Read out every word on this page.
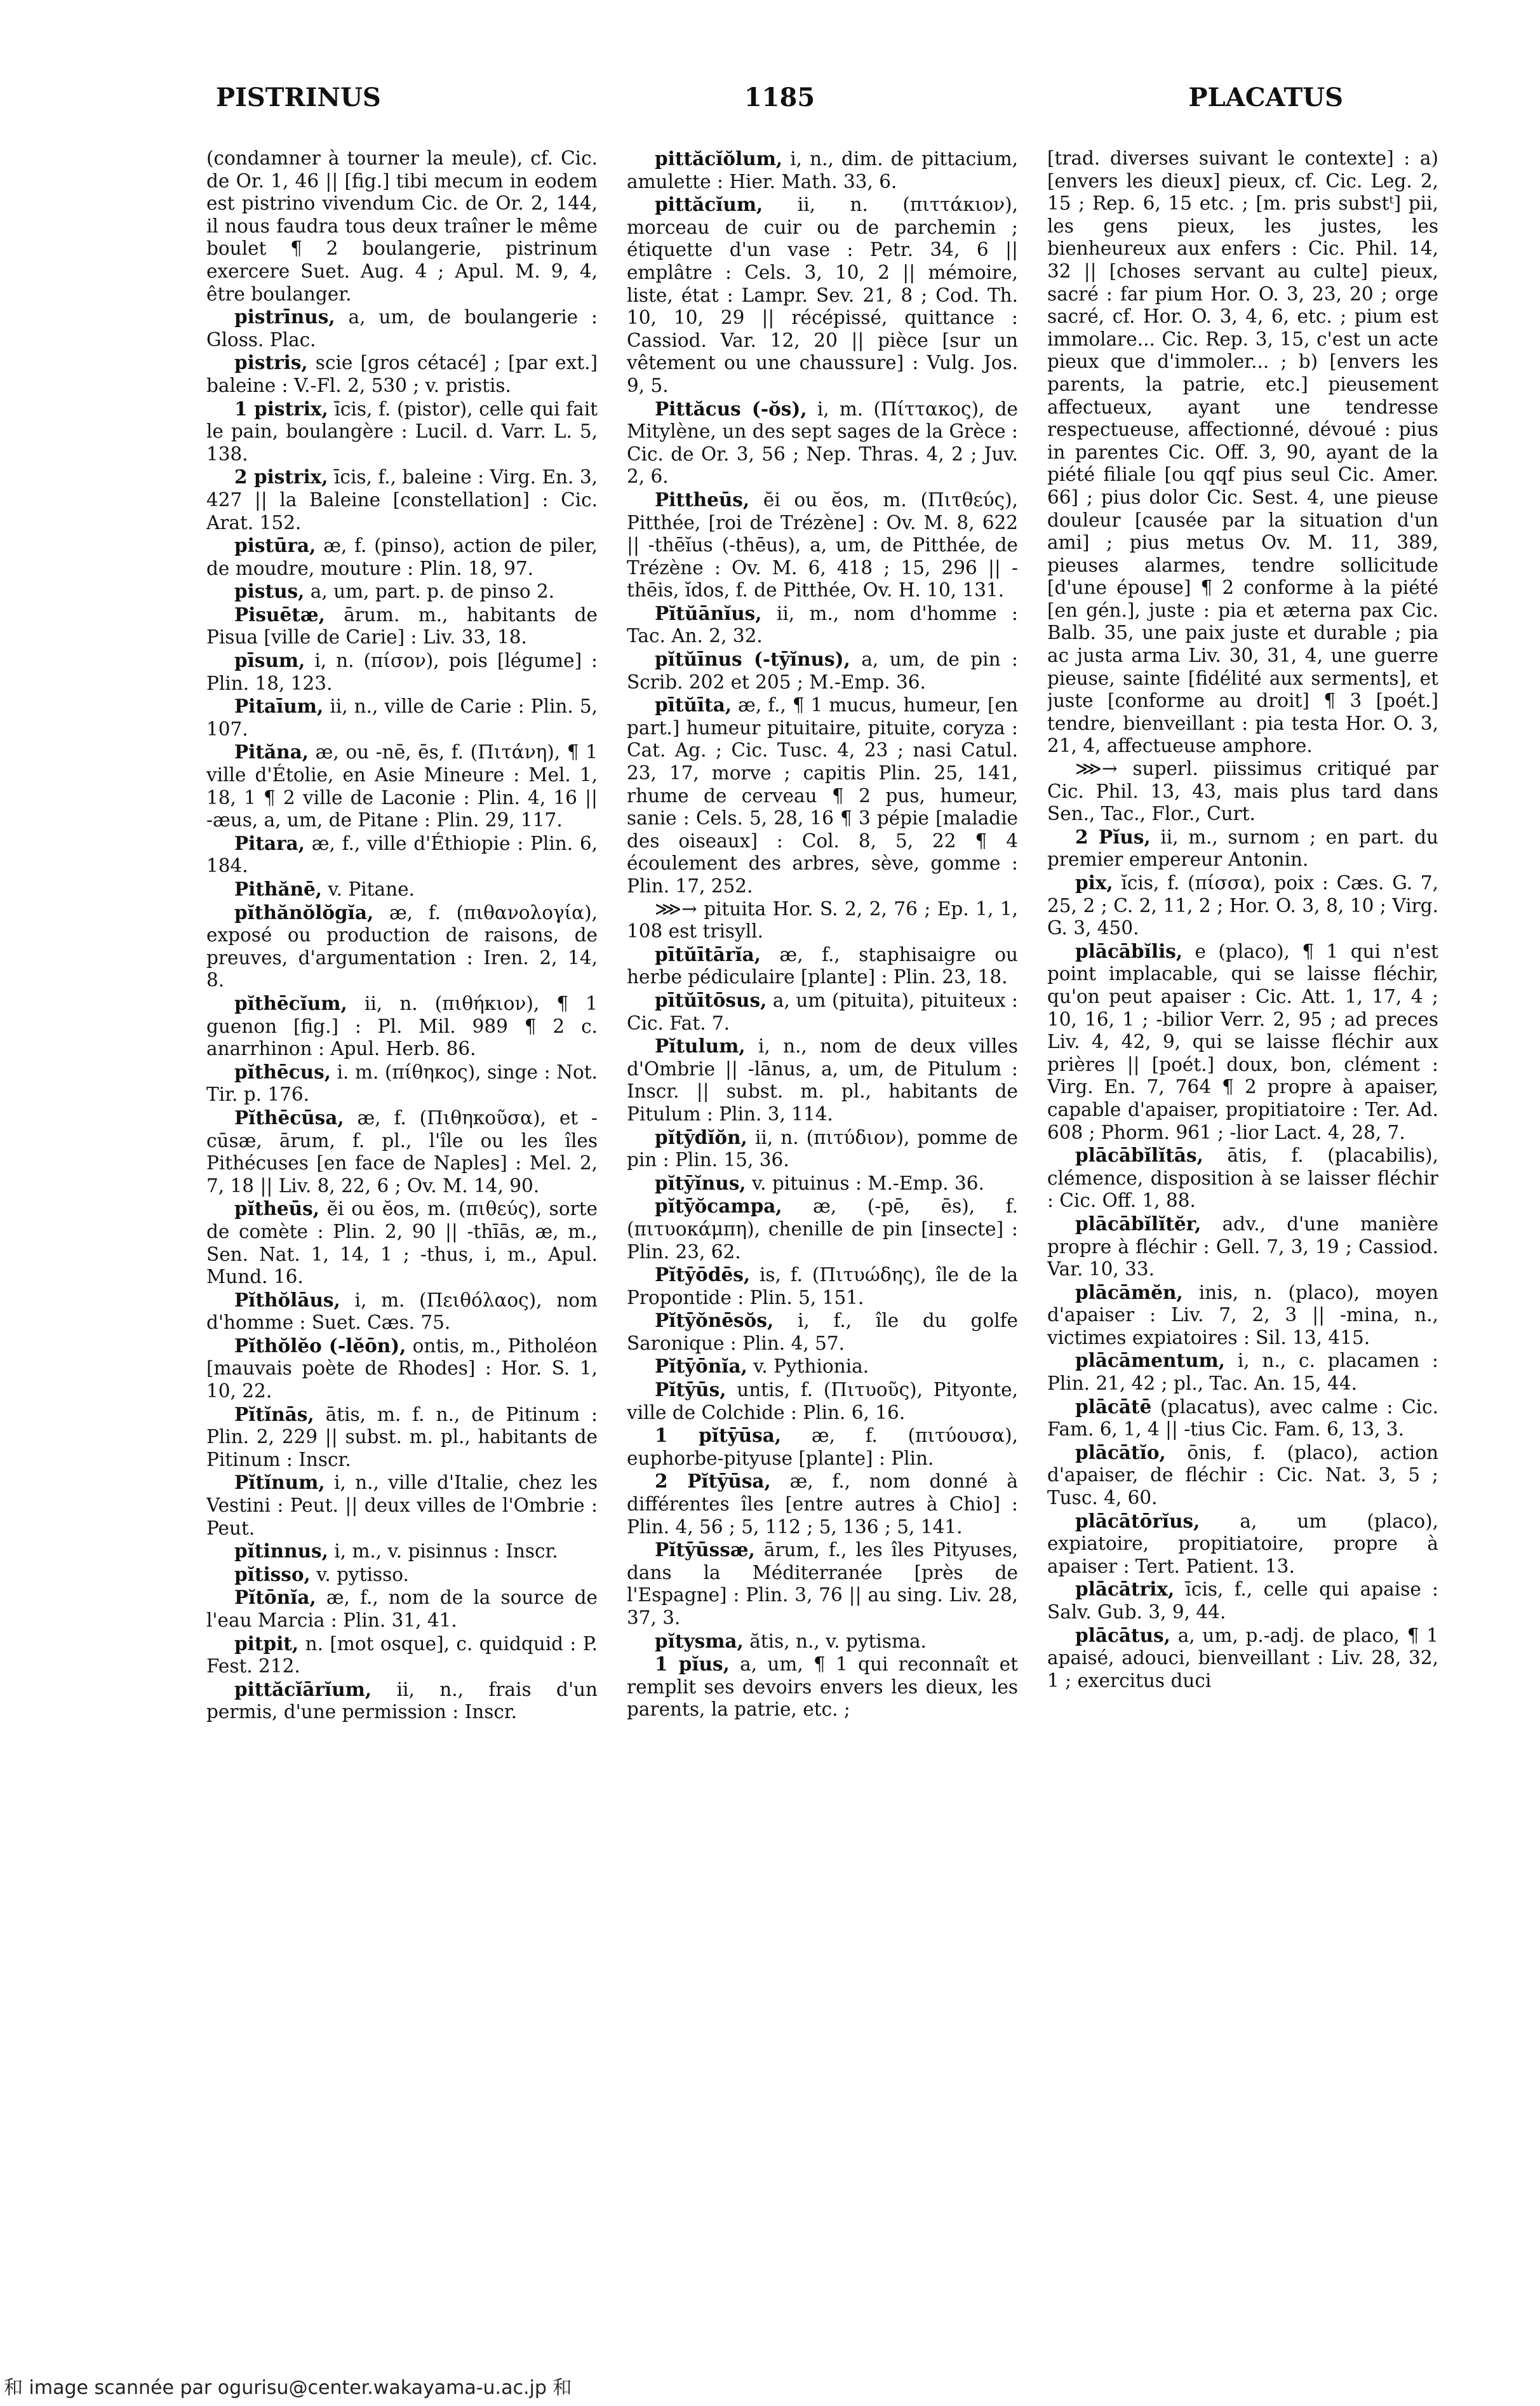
PISTRINUS	1185	PLACATUS

(condamner à tourner la meule), cf. Cic. de Or. 1, 46 || [fig.] tibi mecum in eodem est pistrino vivendum Cic. de Or. 2, 144, il nous faudra tous deux traîner le même boulet ¶ 2 boulangerie, pistrinum exercere Suet. Aug. 4 ; Apul. M. 9, 4, être boulanger.

pistrīnus, a, um, de boulangerie : Gloss. Plac.

pistris, scie [gros cétacé] ; [par ext.] baleine : V.-Fl. 2, 530 ; v. pristis.

1 pistrix, īcis, f. (pistor), celle qui fait le pain, boulangère : Lucil. d. Varr. L. 5, 138.

2 pistrix, īcis, f., baleine : Virg. En. 3, 427 || la Baleine [constellation] : Cic. Arat. 152.

pistūra, æ, f. (pinso), action de piler, de moudre, mouture : Plin. 18, 97.

pistus, a, um, part. p. de pinso 2.

Pisuētæ, ārum. m., habitants de Pisua [ville de Carie] : Liv. 33, 18.

pīsum, i, n. (πίσον), pois [légume] : Plin. 18, 123.

Pitaīum, ii, n., ville de Carie : Plin. 5, 107.

Pităna, æ, ou -nē, ēs, f. (Πιτάνη), ¶ 1 ville d'Étolie, en Asie Mineure : Mel. 1, 18, 1 ¶ 2 ville de Laconie : Plin. 4, 16 || -æus, a, um, de Pitane : Plin. 29, 117.

Pitara, æ, f., ville d'Éthiopie : Plin. 6, 184.

Pithănē, v. Pitane.

pĭthănŏlŏgĭa, æ, f. (πιθανολογία), exposé ou production de raisons, de preuves, d'argumentation : Iren. 2, 14, 8.

pĭthēcĭum, ii, n. (πιθήκιον), ¶ 1 guenon [fig.] : Pl. Mil. 989 ¶ 2 c. anarrhinon : Apul. Herb. 86.

pĭthēcus, i. m. (πίθηκος), singe : Not. Tir. p. 176.

Pĭthēcūsa, æ, f. (Πιθηκοῦσα), et -cūsæ, ārum, f. pl., l'île ou les îles Pithécuses [en face de Naples] : Mel. 2, 7, 18 || Liv. 8, 22, 6 ; Ov. M. 14, 90.

pĭtheūs, ĕi ou ĕos, m. (πιθεύς), sorte de comète : Plin. 2, 90 || -thīās, æ, m., Sen. Nat. 1, 14, 1 ; -thus, i, m., Apul. Mund. 16.

Pĭthŏlāus, i, m. (Πειθόλαος), nom d'homme : Suet. Cæs. 75.

Pĭthŏlĕo (-lĕōn), ontis, m., Pitholéon [mauvais poète de Rhodes] : Hor. S. 1, 10, 22.

Pĭtĭnās, ātis, m. f. n., de Pitinum : Plin. 2, 229 || subst. m. pl., habitants de Pitinum : Inscr.

Pĭtĭnum, i, n., ville d'Italie, chez les Vestini : Peut. || deux villes de l'Ombrie : Peut.

pĭtinnus, i, m., v. pisinnus : Inscr.

pĭtisso, v. pytisso.

Pĭtōnĭa, æ, f., nom de la source de l'eau Marcia : Plin. 31, 41.

pitpit, n. [mot osque], c. quidquid : P. Fest. 212.

pittăcĭārĭum, ii, n., frais d'un permis, d'une permission : Inscr.

pittăcĭŏlum, i, n., dim. de pittacium, amulette : Hier. Math. 33, 6.

pittăcĭum, ii, n. (πιττάκιον), morceau de cuir ou de parchemin ; étiquette d'un vase : Petr. 34, 6 || emplâtre : Cels. 3, 10, 2 || mémoire, liste, état : Lampr. Sev. 21, 8 ; Cod. Th. 10, 10, 29 || récépissé, quittance : Cassiod. Var. 12, 20 || pièce [sur un vêtement ou une chaussure] : Vulg. Jos. 9, 5.

Pittăcus (-ŏs), i, m. (Πίττακος), de Mitylène, un des sept sages de la Grèce : Cic. de Or. 3, 56 ; Nep. Thras. 4, 2 ; Juv. 2, 6.

Pittheūs, ĕi ou ĕos, m. (Πιτθεύς), Pitthée, [roi de Trézène] : Ov. M. 8, 622 || -thēĭus (-thēus), a, um, de Pitthée, de Trézène : Ov. M. 6, 418 ; 15, 296 || -thēis, ĭdos, f. de Pitthée, Ov. H. 10, 131.

Pĭtŭānĭus, ii, m., nom d'homme : Tac. An. 2, 32.

pĭtŭīnus (-tȳĭnus), a, um, de pin : Scrib. 202 et 205 ; M.-Emp. 36.

pītŭīta, æ, f., ¶ 1 mucus, humeur, [en part.] humeur pituitaire, pituite, coryza : Cat. Ag. ; Cic. Tusc. 4, 23 ; nasi Catul. 23, 17, morve ; capitis Plin. 25, 141, rhume de cerveau ¶ 2 pus, humeur, sanie : Cels. 5, 28, 16 ¶ 3 pépie [maladie des oiseaux] : Col. 8, 5, 22 ¶ 4 écoulement des arbres, sève, gomme : Plin. 17, 252.

⋙→ pituita Hor. S. 2, 2, 76 ; Ep. 1, 1, 108 est trisyll.

pītŭītārĭa, æ, f., staphisaigre ou herbe pédiculaire [plante] : Plin. 23, 18.

pītŭītōsus, a, um (pituita), pituiteux : Cic. Fat. 7.

Pĭtulum, i, n., nom de deux villes d'Ombrie || -lānus, a, um, de Pitulum : Inscr. || subst. m. pl., habitants de Pitulum : Plin. 3, 114.

pĭtȳdĭŏn, ii, n. (πιτύδιον), pomme de pin : Plin. 15, 36.

pĭtȳĭnus, v. pituinus : M.-Emp. 36.

pĭtȳŏcampa, æ, (-pē, ēs), f. (πιτυοκάμπη), chenille de pin [insecte] : Plin. 23, 62.

Pĭtȳōdēs, is, f. (Πιτυώδης), île de la Propontide : Plin. 5, 151.

Pĭtȳŏnēsŏs, i, f., île du golfe Saronique : Plin. 4, 57.

Pĭtȳōnĭa, v. Pythionia.

Pĭtȳūs, untis, f. (Πιτυοῦς), Pityonte, ville de Colchide : Plin. 6, 16.

1 pĭtȳūsa, æ, f. (πιτύουσα), euphorbe-pityuse [plante] : Plin.

2 Pĭtȳūsa, æ, f., nom donné à différentes îles [entre autres à Chio] : Plin. 4, 56 ; 5, 112 ; 5, 136 ; 5, 141.

Pĭtȳūssæ, ārum, f., les îles Pityuses, dans la Méditerranée [près de l'Espagne] : Plin. 3, 76 || au sing. Liv. 28, 37, 3.

pĭtysma, ătis, n., v. pytisma.

1 pĭus, a, um, ¶ 1 qui reconnaît et remplit ses devoirs envers les dieux, les parents, la patrie, etc. ;

[trad. diverses suivant le contexte] : a) [envers les dieux] pieux, cf. Cic. Leg. 2, 15 ; Rep. 6, 15 etc. ; [m. pris substᵗ] pii, les gens pieux, les justes, les bienheureux aux enfers : Cic. Phil. 14, 32 || [choses servant au culte] pieux, sacré : far pium Hor. O. 3, 23, 20 ; orge sacré, cf. Hor. O. 3, 4, 6, etc. ; pium est immolare... Cic. Rep. 3, 15, c'est un acte pieux que d'immoler... ; b) [envers les parents, la patrie, etc.] pieusement affectueux, ayant une tendresse respectueuse, affectionné, dévoué : pius in parentes Cic. Off. 3, 90, ayant de la piété filiale [ou qqf pius seul Cic. Amer. 66] ; pius dolor Cic. Sest. 4, une pieuse douleur [causée par la situation d'un ami] ; pius metus Ov. M. 11, 389, pieuses alarmes, tendre sollicitude [d'une épouse] ¶ 2 conforme à la piété [en gén.], juste : pia et æterna pax Cic. Balb. 35, une paix juste et durable ; pia ac justa arma Liv. 30, 31, 4, une guerre pieuse, sainte [fidélité aux serments], et juste [conforme au droit] ¶ 3 [poét.] tendre, bienveillant : pia testa Hor. O. 3, 21, 4, affectueuse amphore.

⋙→ superl. piissimus critiqué par Cic. Phil. 13, 43, mais plus tard dans Sen., Tac., Flor., Curt.

2 Pĭus, ii, m., surnom ; en part. du premier empereur Antonin.

pix, ĭcis, f. (πίσσα), poix : Cæs. G. 7, 25, 2 ; C. 2, 11, 2 ; Hor. O. 3, 8, 10 ; Virg. G. 3, 450.

plācābĭlis, e (placo), ¶ 1 qui n'est point implacable, qui se laisse fléchir, qu'on peut apaiser : Cic. Att. 1, 17, 4 ; 10, 16, 1 ; -bilior Verr. 2, 95 ; ad preces Liv. 4, 42, 9, qui se laisse fléchir aux prières || [poét.] doux, bon, clément : Virg. En. 7, 764 ¶ 2 propre à apaiser, capable d'apaiser, propitiatoire : Ter. Ad. 608 ; Phorm. 961 ; -lior Lact. 4, 28, 7.

plācābĭlĭtās, ātis, f. (placabilis), clémence, disposition à se laisser fléchir : Cic. Off. 1, 88.

plācābĭlĭtĕr, adv., d'une manière propre à fléchir : Gell. 7, 3, 19 ; Cassiod. Var. 10, 33.

plācāmĕn, inis, n. (placo), moyen d'apaiser : Liv. 7, 2, 3 || -mina, n., victimes expiatoires : Sil. 13, 415.

plācāmentum, i, n., c. placamen : Plin. 21, 42 ; pl., Tac. An. 15, 44.

plācātē (placatus), avec calme : Cic. Fam. 6, 1, 4 || -tius Cic. Fam. 6, 13, 3.

plācātĭo, ōnis, f. (placo), action d'apaiser, de fléchir : Cic. Nat. 3, 5 ; Tusc. 4, 60.

plācātōrĭus, a, um (placo), expiatoire, propitiatoire, propre à apaiser : Tert. Patient. 13.

plācātrix, īcis, f., celle qui apaise : Salv. Gub. 3, 9, 44.

plācātus, a, um, p.-adj. de placo, ¶ 1 apaisé, adouci, bienveillant : Liv. 28, 32, 1 ; exercitus duci

和 image scannée par ogurisu@center.wakayama-u.ac.jp 和
